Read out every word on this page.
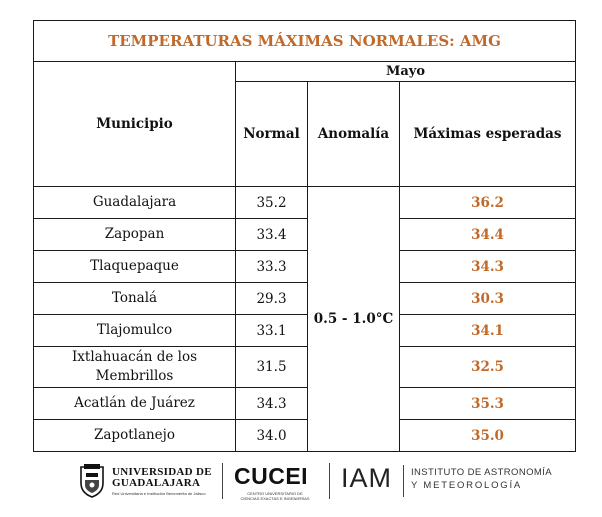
TEMPERATURAS MÁXIMAS NORMALES: AMG			
Municipio	Mayo		
	Normal	Anomalía	Máximas esperadas
Guadalajara	35.2	0.5 - 1.0°C	36.2
Zapopan	33.4		34.4
Tlaquepaque	33.3		34.3
Tonalá	29.3		30.3
Tlajomulco	33.1		34.1
Ixtlahuacán de los Membrillos	31.5		32.5
Acatlán de Juárez	34.3		35.3
Zapotlanejo	34.0		35.0
UNIVERSIDAD DE
GUADALAJARA
Red Universitaria e Institución Benemérita de Jalisco
CUCEI
CENTRO UNIVERSITARIO DE
CIENCIAS EXACTAS E INGENIERÍAS
IAM INSTITUTO DE ASTRONOMÍA
Y METEOROLOGÍA
